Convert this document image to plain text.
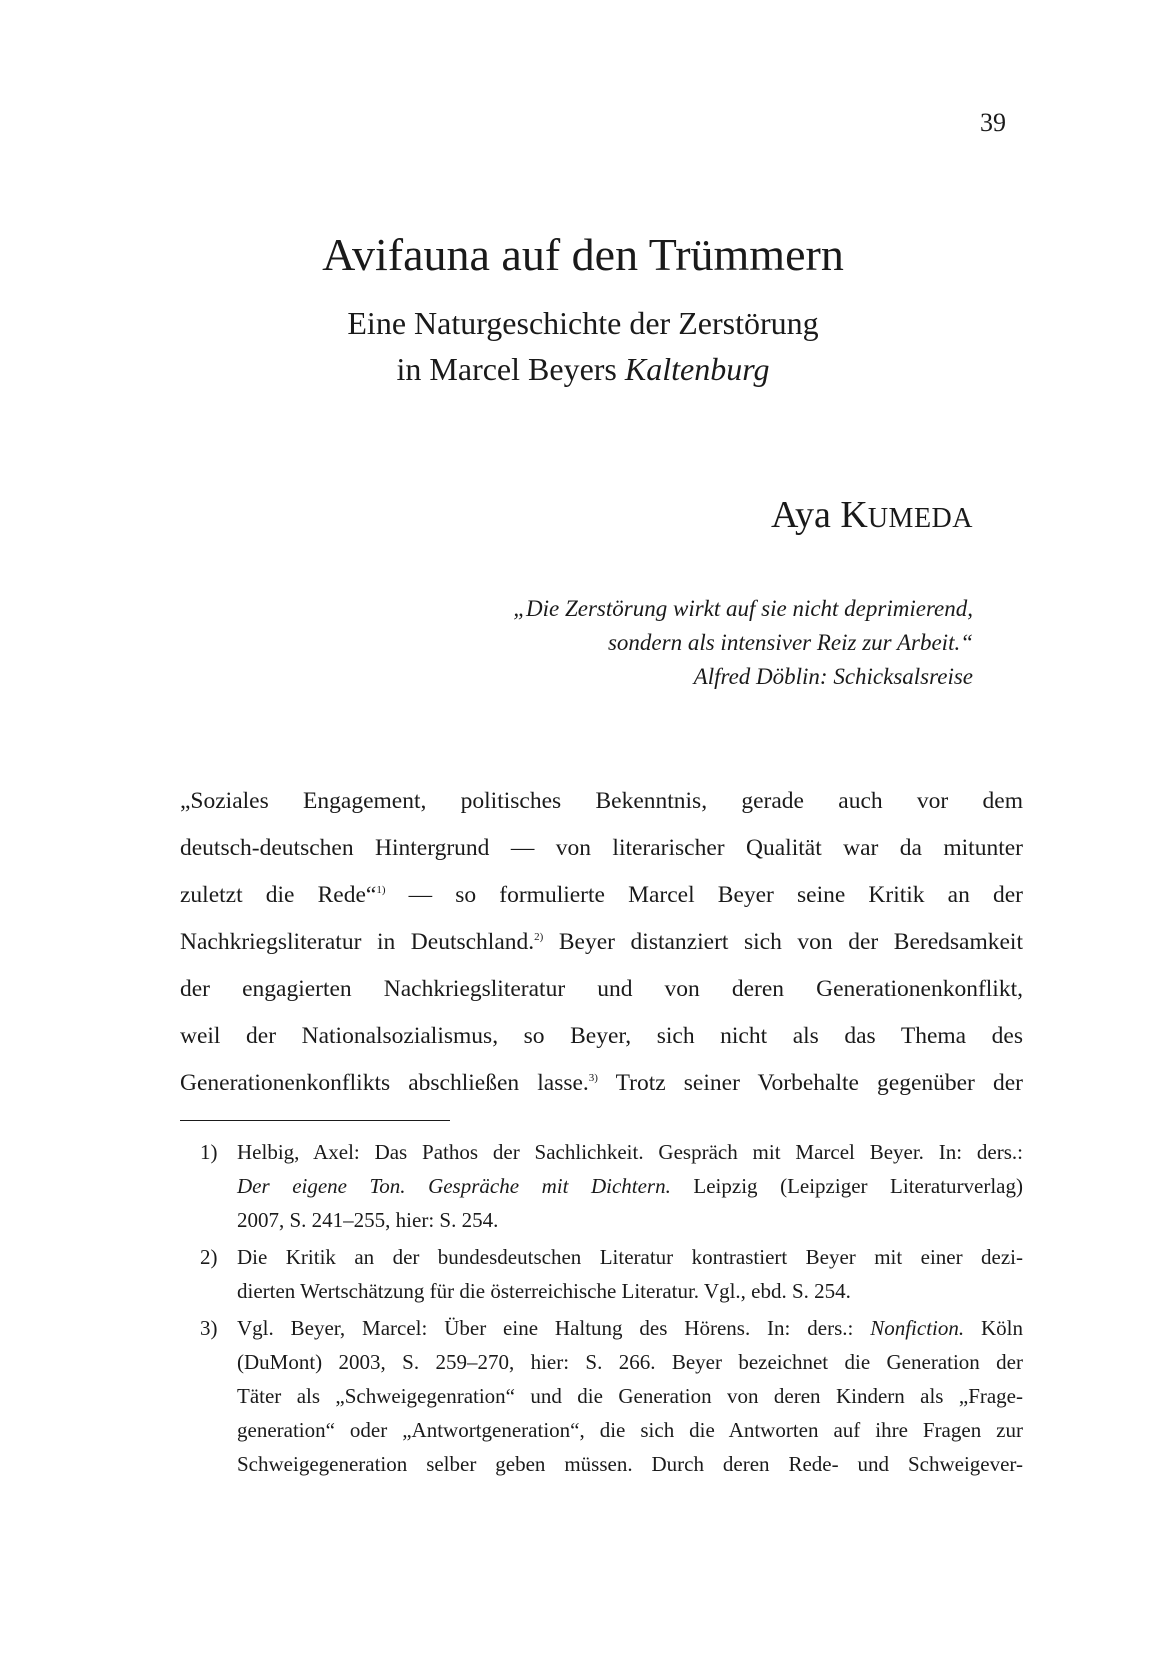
39
Avifauna auf den Trümmern
Eine Naturgeschichte der Zerstörung
in Marcel Beyers Kaltenburg
Aya KUMEDA
„Die Zerstörung wirkt auf sie nicht deprimierend,
sondern als intensiver Reiz zur Arbeit.“
Alfred Döblin: Schicksalsreise
„Soziales Engagement, politisches Bekenntnis, gerade auch vor dem
deutsch-deutschen Hintergrund — von literarischer Qualität war da mitunter
zuletzt die Rede“$^{1)}$ — so formulierte Marcel Beyer seine Kritik an der
Nachkriegsliteratur in Deutschland.$^{2)}$ Beyer distanziert sich von der Beredsamkeit
der engagierten Nachkriegsliteratur und von deren Generationenkonflikt,
weil der Nationalsozialismus, so Beyer, sich nicht als das Thema des
Generationenkonflikts abschließen lasse.$^{3)}$ Trotz seiner Vorbehalte gegenüber der
1) Helbig, Axel: Das Pathos der Sachlichkeit. Gespräch mit Marcel Beyer. In: ders.:
Der eigene Ton. Gespräche mit Dichtern. Leipzig (Leipziger Literaturverlag)
2007, S. 241–255, hier: S. 254.
2) Die Kritik an der bundesdeutschen Literatur kontrastiert Beyer mit einer dezi-
dierten Wertschätzung für die österreichische Literatur. Vgl., ebd. S. 254.
3) Vgl. Beyer, Marcel: Über eine Haltung des Hörens. In: ders.: Nonfiction. Köln
(DuMont) 2003, S. 259–270, hier: S. 266. Beyer bezeichnet die Generation der
Täter als „Schweigegenration“ und die Generation von deren Kindern als „Frage-
generation“ oder „Antwortgeneration“, die sich die Antworten auf ihre Fragen zur
Schweigegeneration selber geben müssen. Durch deren Rede- und Schweigever-
